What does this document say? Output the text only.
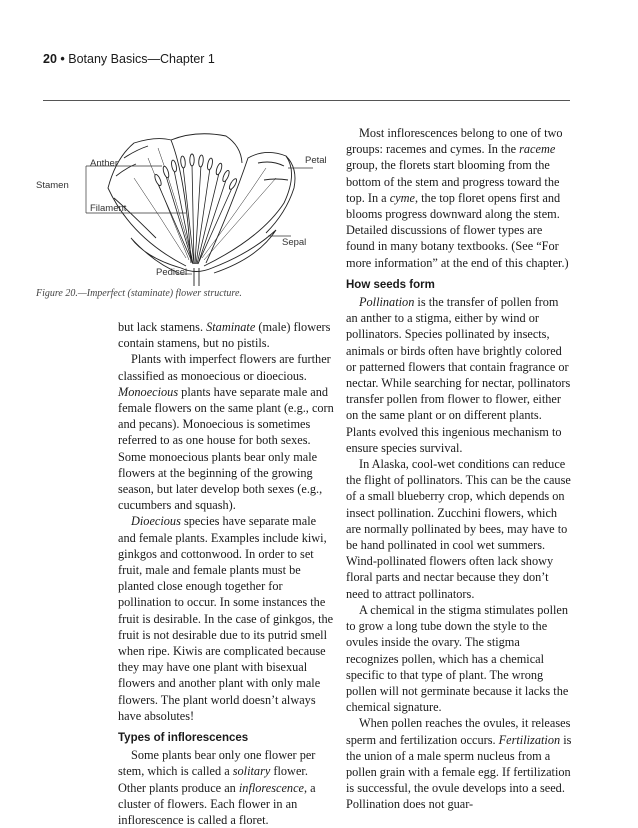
20 • Botany Basics—Chapter 1
Anther
Stamen
Filament
Petal
Sepal
Pedicel
Figure 20.—Imperfect (staminate) flower structure.

but lack stamens. Staminate (male) flowers contain stamens, but no pistils.

Plants with imperfect flowers are further classified as monoecious or dioecious. Monoecious plants have separate male and female flowers on the same plant (e.g., corn and pecans). Monoecious is sometimes referred to as one house for both sexes. Some monoecious plants bear only male flowers at the beginning of the growing season, but later develop both sexes (e.g., cucumbers and squash).

Dioecious species have separate male and female plants. Examples include kiwi, ginkgos and cottonwood. In order to set fruit, male and female plants must be planted close enough together for pollination to occur. In some instances the fruit is desirable. In the case of ginkgos, the fruit is not desirable due to its putrid smell when ripe. Kiwis are complicated because they may have one plant with bisexual flowers and another plant with only male flowers. The plant world doesn’t always have absolutes!

Types of inflorescences

Some plants bear only one flower per stem, which is called a solitary flower. Other plants produce an inflorescence, a cluster of flowers. Each flower in an inflorescence is called a floret.

Most inflorescences belong to one of two groups: racemes and cymes. In the raceme group, the florets start blooming from the bottom of the stem and progress toward the top. In a cyme, the top floret opens first and blooms progress downward along the stem. Detailed discussions of flower types are found in many botany textbooks. (See “For more information” at the end of this chapter.)

How seeds form

Pollination is the transfer of pollen from an anther to a stigma, either by wind or pollinators. Species pollinated by insects, animals or birds often have brightly colored or patterned flowers that contain fragrance or nectar. While searching for nectar, pollinators transfer pollen from flower to flower, either on the same plant or on different plants. Plants evolved this ingenious mechanism to ensure species survival.

In Alaska, cool-wet conditions can reduce the flight of pollinators. This can be the cause of a small blueberry crop, which depends on insect pollination. Zucchini flowers, which are normally pollinated by bees, may have to be hand pollinated in cool wet summers. Wind-pollinated flowers often lack showy floral parts and nectar because they don’t need to attract pollinators.

A chemical in the stigma stimulates pollen to grow a long tube down the style to the ovules inside the ovary. The stigma recognizes pollen, which has a chemical specific to that type of plant. The wrong pollen will not germinate because it lacks the chemical signature.

When pollen reaches the ovules, it releases sperm and fertilization occurs. Fertilization is the union of a male sperm nucleus from a pollen grain with a female egg. If fertilization is successful, the ovule develops into a seed. Pollination does not guar-
